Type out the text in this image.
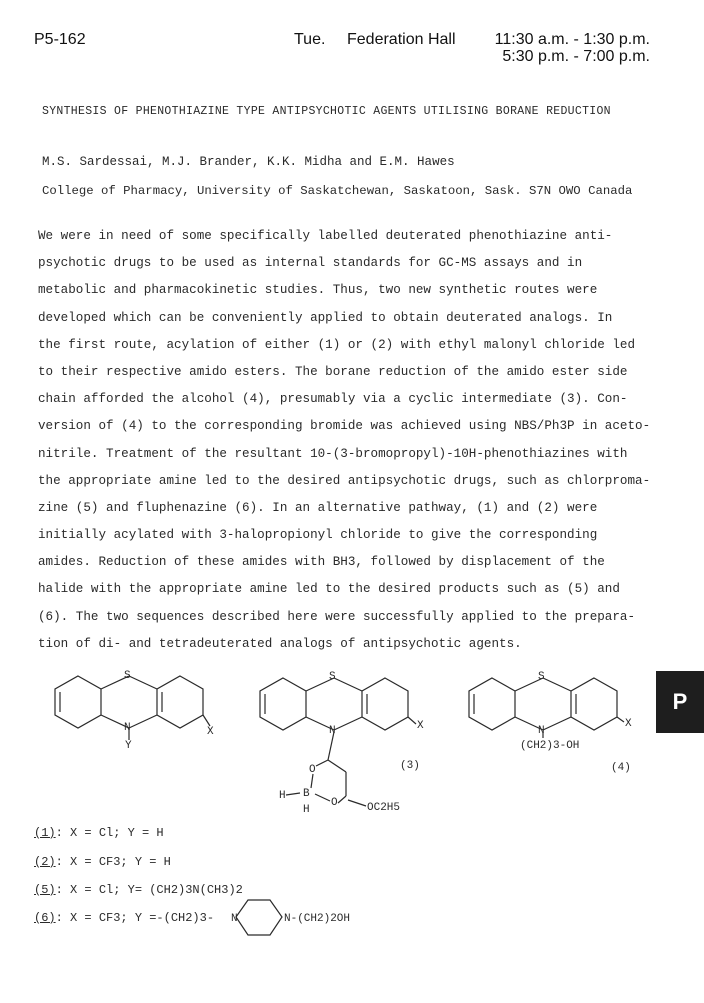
P5-162	Tue. Federation Hall 11:30 a.m. - 1:30 p.m.
5:30 p.m. - 7:00 p.m.
SYNTHESIS OF PHENOTHIAZINE TYPE ANTIPSYCHOTIC AGENTS UTILISING BORANE REDUCTION
M.S. Sardessai, M.J. Brander, K.K. Midha and E.M. Hawes
College of Pharmacy, University of Saskatchewan, Saskatoon, Sask. S7N OWO Canada
We were in need of some specifically labelled deuterated phenothiazine anti-
psychotic drugs to be used as internal standards for GC-MS assays and in
metabolic and pharmacokinetic studies. Thus, two new synthetic routes were
developed which can be conveniently applied to obtain deuterated analogs. In
the first route, acylation of either (1) or (2) with ethyl malonyl chloride led
to their respective amido esters. The borane reduction of the amido ester side
chain afforded the alcohol (4), presumably via a cyclic intermediate (3). Con-
version of (4) to the corresponding bromide was achieved using NBS/Ph3P in aceto-
nitrile. Treatment of the resultant 10-(3-bromopropyl)-10H-phenothiazines with
the appropriate amine led to the desired antipsychotic drugs, such as chlorproma-
zine (5) and fluphenazine (6). In an alternative pathway, (1) and (2) were
initially acylated with 3-halopropionyl chloride to give the corresponding
amides. Reduction of these amides with BH3, followed by displacement of the
halide with the appropriate amine led to the desired products such as (5) and
(6). The two sequences described here were successfully applied to the prepara-
tion of di- and tetradeuterated analogs of antipsychotic agents.
P
S
N	X
Y
S
N	X
O
O
B
H
H	OC2H5
(3)
S
N
X
(CH2)3-OH
(4)
N	N-(CH2)2OH
(1): X = Cl; Y = H
(2): X = CF3; Y = H
(5): X = Cl; Y= (CH2)3N(CH3)2
(6): X = CF3; Y =-(CH2)3-
